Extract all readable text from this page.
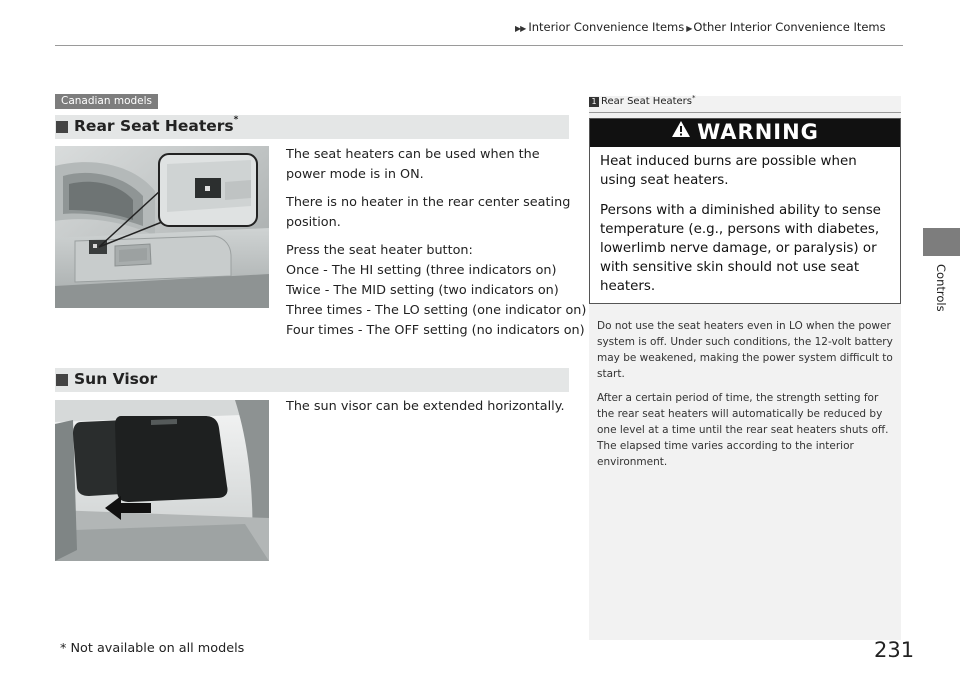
▶▶ Interior Convenience Items ▶ Other Interior Convenience Items
Controls
Canadian models
Rear Seat Heaters*

The seat heaters can be used when the power mode is in ON.

There is no heater in the rear center seating position.

Press the seat heater button:
Once - The HI setting (three indicators on)
Twice - The MID setting (two indicators on)
Three times - The LO setting (one indicator on)
Four times - The OFF setting (no indicators on)

Sun Visor

The sun visor can be extended horizontally.

1 Rear Seat Heaters*
WARNING

Heat induced burns are possible when using seat heaters.

Persons with a diminished ability to sense temperature (e.g., persons with diabetes, lowerlimb nerve damage, or paralysis) or with sensitive skin should not use seat heaters.

Do not use the seat heaters even in LO when the power system is off. Under such conditions, the 12-volt battery may be weakened, making the power system difficult to start.

After a certain period of time, the strength setting for the rear seat heaters will automatically be reduced by one level at a time until the rear seat heaters shuts off. The elapsed time varies according to the interior environment.

* Not available on all models	231
